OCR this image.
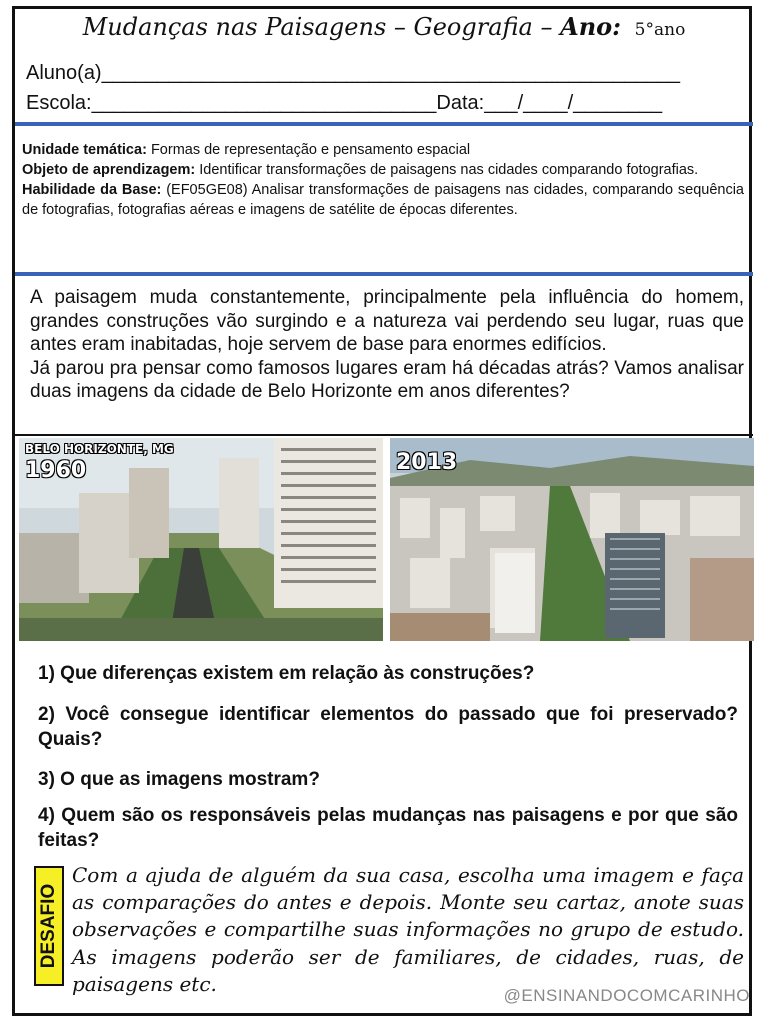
Mudanças nas Paisagens – Geografia – Ano: 5°ano
Aluno(a)____________________________________________________
Escola:_______________________________Data:___/____/________

Unidade temática: Formas de representação e pensamento espacial

Objeto de aprendizagem: Identificar transformações de paisagens nas cidades comparando fotografias.

Habilidade da Base: (EF05GE08) Analisar transformações de paisagens nas cidades, comparando sequência de fotografias, fotografias aéreas e imagens de satélite de épocas diferentes.

A paisagem muda constantemente, principalmente pela influência do homem, grandes construções vão surgindo e a natureza vai perdendo seu lugar, ruas que antes eram inabitadas, hoje servem de base para enormes edifícios.

Já parou pra pensar como famosos lugares eram há décadas atrás? Vamos analisar duas imagens da cidade de Belo Horizonte em anos diferentes?

BELO HORIZONTE, MG
1960	2013
1) Que diferenças existem em relação às construções?
2) Você consegue identificar elementos do passado que foi preservado? Quais?
3) O que as imagens mostram?
4) Quem são os responsáveis pelas mudanças nas paisagens e por que são feitas?
DESAFIO
Com a ajuda de alguém da sua casa, escolha uma imagem e faça as comparações do antes e depois. Monte seu cartaz, anote suas observações e compartilhe suas informações no grupo de estudo. As imagens poderão ser de familiares, de cidades, ruas, de paisagens etc.	@ENSINANDOCOMCARINHO
